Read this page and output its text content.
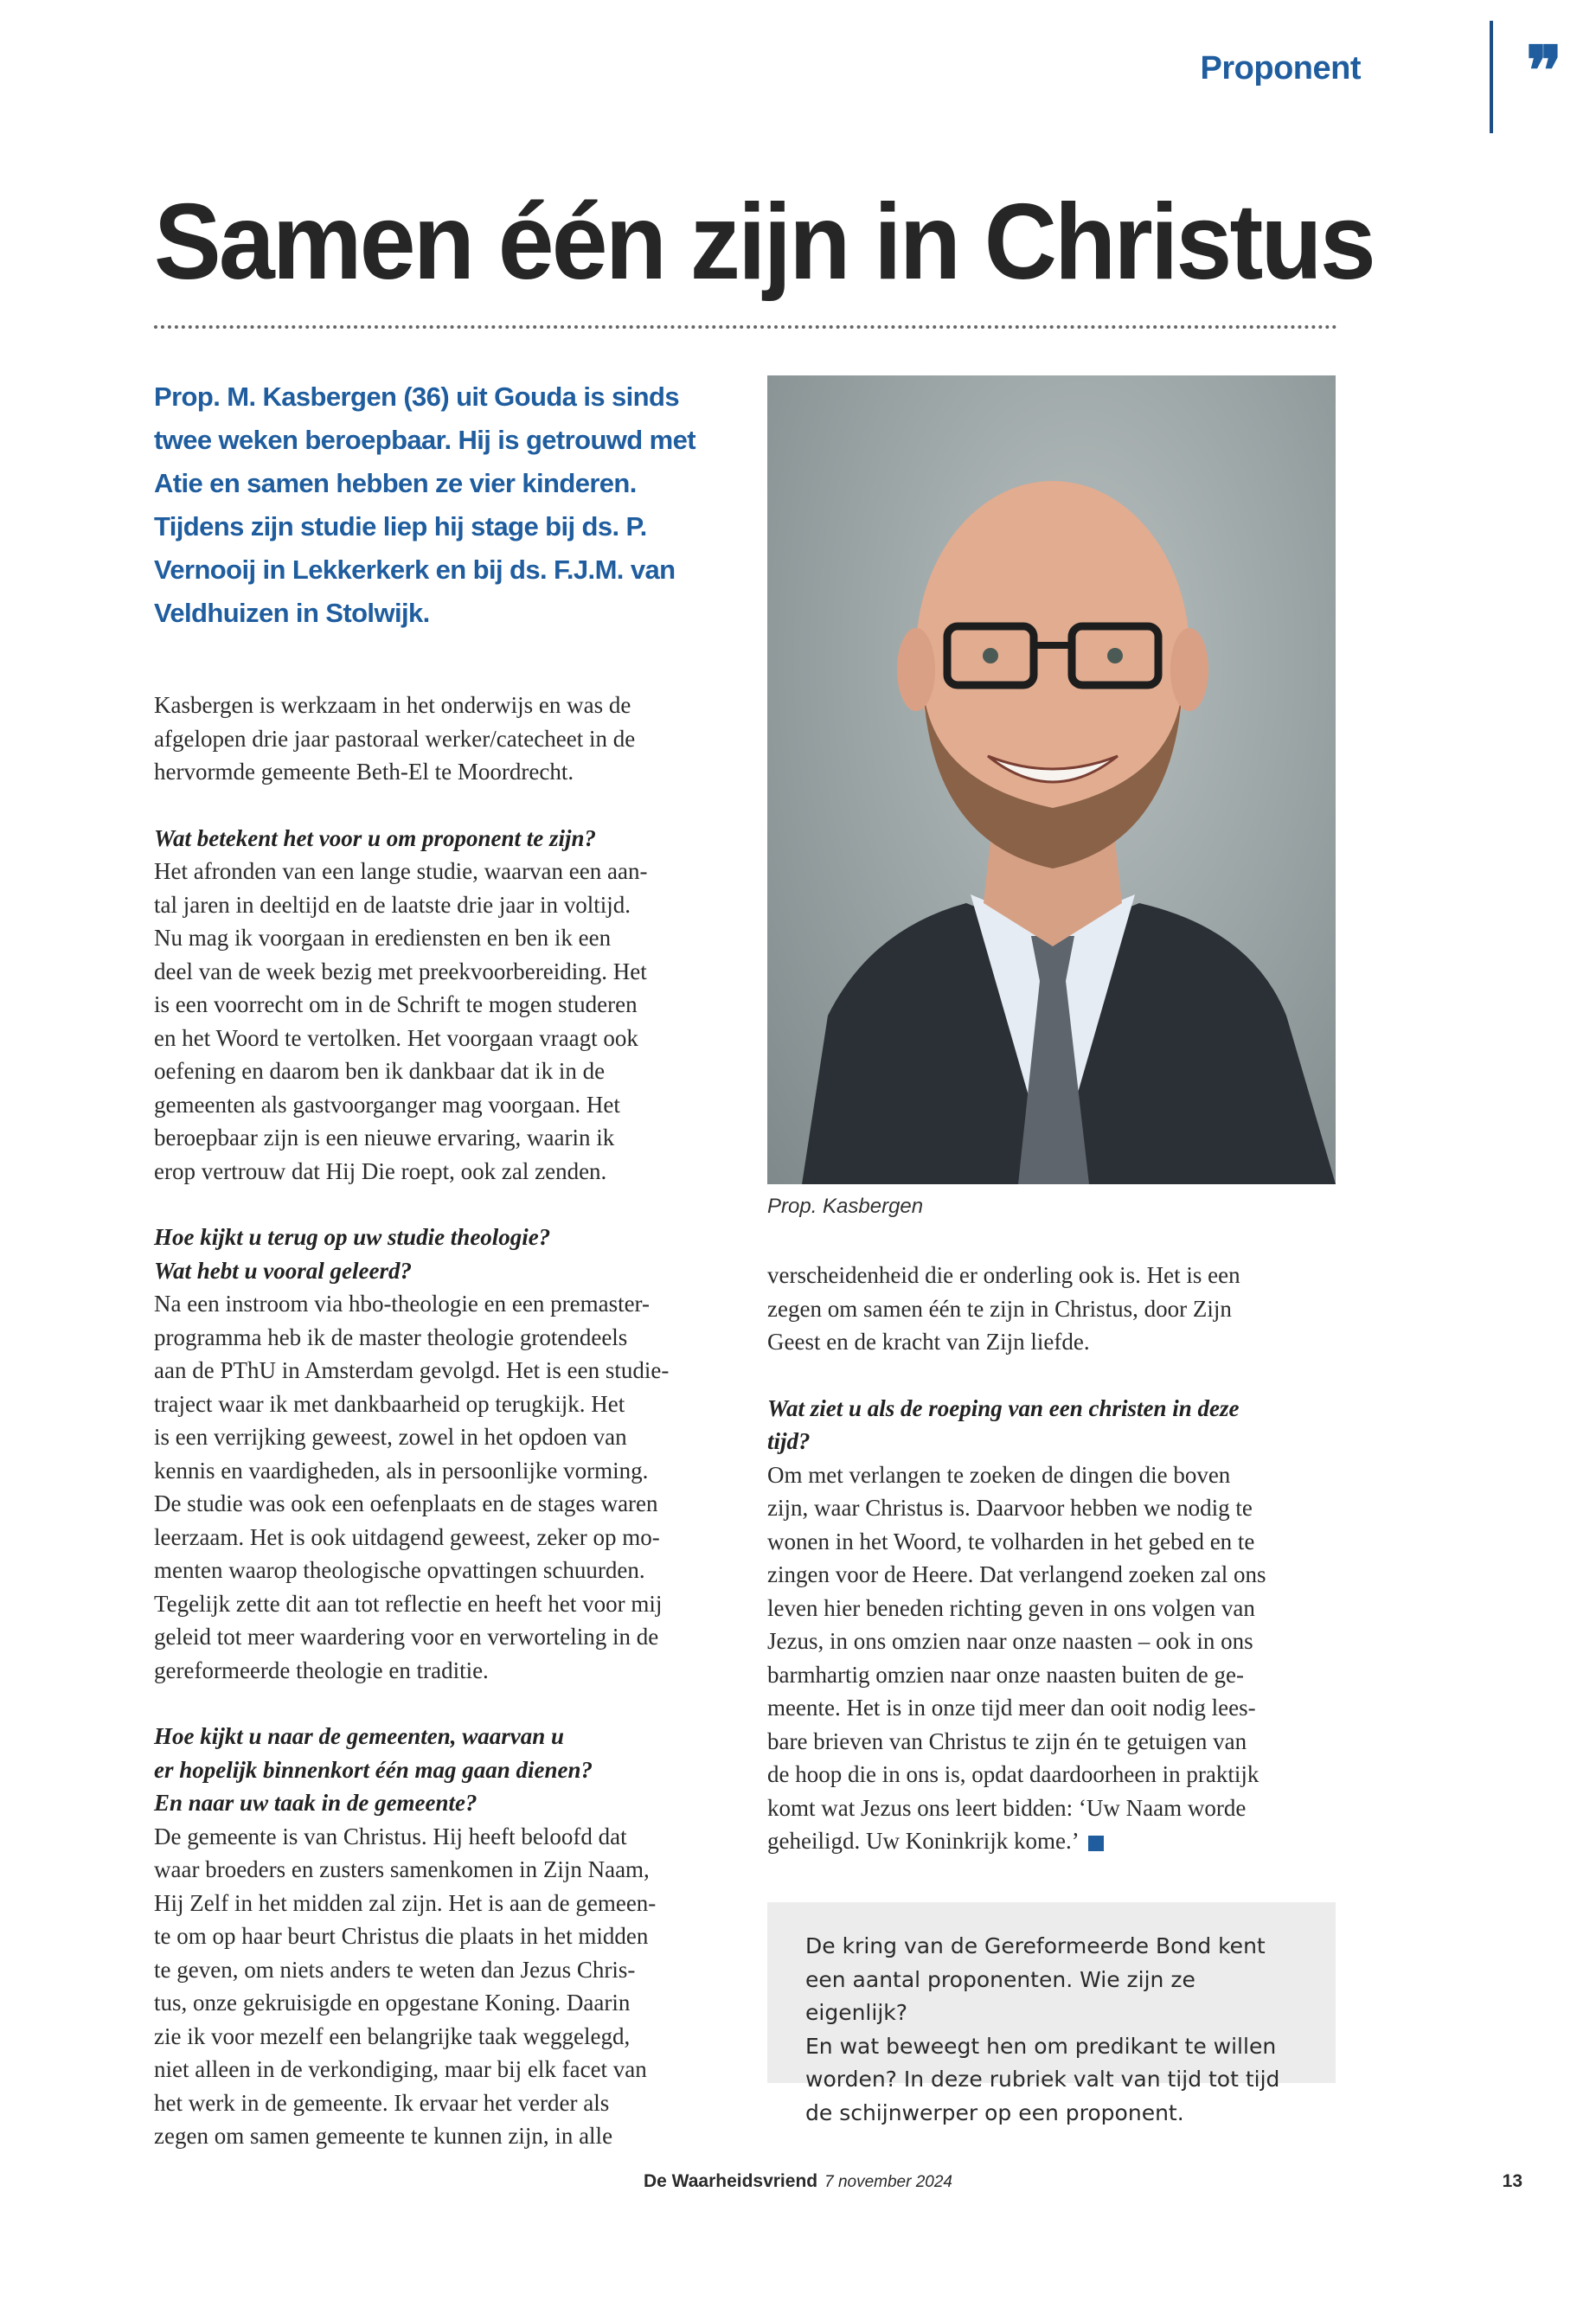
Proponent ❞
Samen één zijn in Christus

Prop. M. Kasbergen (36) uit Gouda is sinds twee weken beroepbaar. Hij is getrouwd met Atie en samen hebben ze vier kinderen. Tijdens zijn studie liep hij stage bij ds. P. Vernooij in Lekkerkerk en bij ds. F.J.M. van Veldhuizen in Stolwijk.

Kasbergen is werkzaam in het onderwijs en was de
afgelopen drie jaar pastoraal werker/catecheet in de
hervormde gemeente Beth-El te Moordrecht.
Wat betekent het voor u om proponent te zijn?
Het afronden van een lange studie, waarvan een aan-
tal jaren in deeltijd en de laatste drie jaar in voltijd.
Nu mag ik voorgaan in erediensten en ben ik een
deel van de week bezig met preekvoorbereiding. Het
is een voorrecht om in de Schrift te mogen studeren
en het Woord te vertolken. Het voorgaan vraagt ook
oefening en daarom ben ik dankbaar dat ik in de
gemeenten als gastvoorganger mag voorgaan. Het
beroepbaar zijn is een nieuwe ervaring, waarin ik
erop vertrouw dat Hij Die roept, ook zal zenden.
Hoe kijkt u terug op uw studie theologie?
Wat hebt u vooral geleerd?
Na een instroom via hbo-theologie en een premaster-
programma heb ik de master theologie grotendeels
aan de PThU in Amsterdam gevolgd. Het is een studie-
traject waar ik met dankbaarheid op terugkijk. Het
is een verrijking geweest, zowel in het opdoen van
kennis en vaardigheden, als in persoonlijke vorming.
De studie was ook een oefenplaats en de stages waren
leerzaam. Het is ook uitdagend geweest, zeker op mo-
menten waarop theologische opvattingen schuurden.
Tegelijk zette dit aan tot reflectie en heeft het voor mij
geleid tot meer waardering voor en verworteling in de
gereformeerde theologie en traditie.
Hoe kijkt u naar de gemeenten, waarvan u
er hopelijk binnenkort één mag gaan dienen?
En naar uw taak in de gemeente?
De gemeente is van Christus. Hij heeft beloofd dat
waar broeders en zusters samenkomen in Zijn Naam,
Hij Zelf in het midden zal zijn. Het is aan de gemeen-
te om op haar beurt Christus die plaats in het midden
te geven, om niets anders te weten dan Jezus Chris-
tus, onze gekruisigde en opgestane Koning. Daarin
zie ik voor mezelf een belangrijke taak weggelegd,
niet alleen in de verkondiging, maar bij elk facet van
het werk in de gemeente. Ik ervaar het verder als
zegen om samen gemeente te kunnen zijn, in alle
Prop. Kasbergen
verscheidenheid die er onderling ook is. Het is een
zegen om samen één te zijn in Christus, door Zijn
Geest en de kracht van Zijn liefde.
Wat ziet u als de roeping van een christen in deze
tijd?
Om met verlangen te zoeken de dingen die boven
zijn, waar Christus is. Daarvoor hebben we nodig te
wonen in het Woord, te volharden in het gebed en te
zingen voor de Heere. Dat verlangend zoeken zal ons
leven hier beneden richting geven in ons volgen van
Jezus, in ons omzien naar onze naasten – ook in ons
barmhartig omzien naar onze naasten buiten de ge-
meente. Het is in onze tijd meer dan ooit nodig lees-
bare brieven van Christus te zijn én te getuigen van
de hoop die in ons is, opdat daardoorheen in praktijk
komt wat Jezus ons leert bidden: ‘Uw Naam worde
geheiligd. Uw Koninkrijk kome.’
De kring van de Gereformeerde Bond kent
een aantal proponenten. Wie zijn ze eigenlijk?
En wat beweegt hen om predikant te willen
worden? In deze rubriek valt van tijd tot tijd
de schijnwerper op een proponent.
De Waarheidsvriend 7 november 2024	13
